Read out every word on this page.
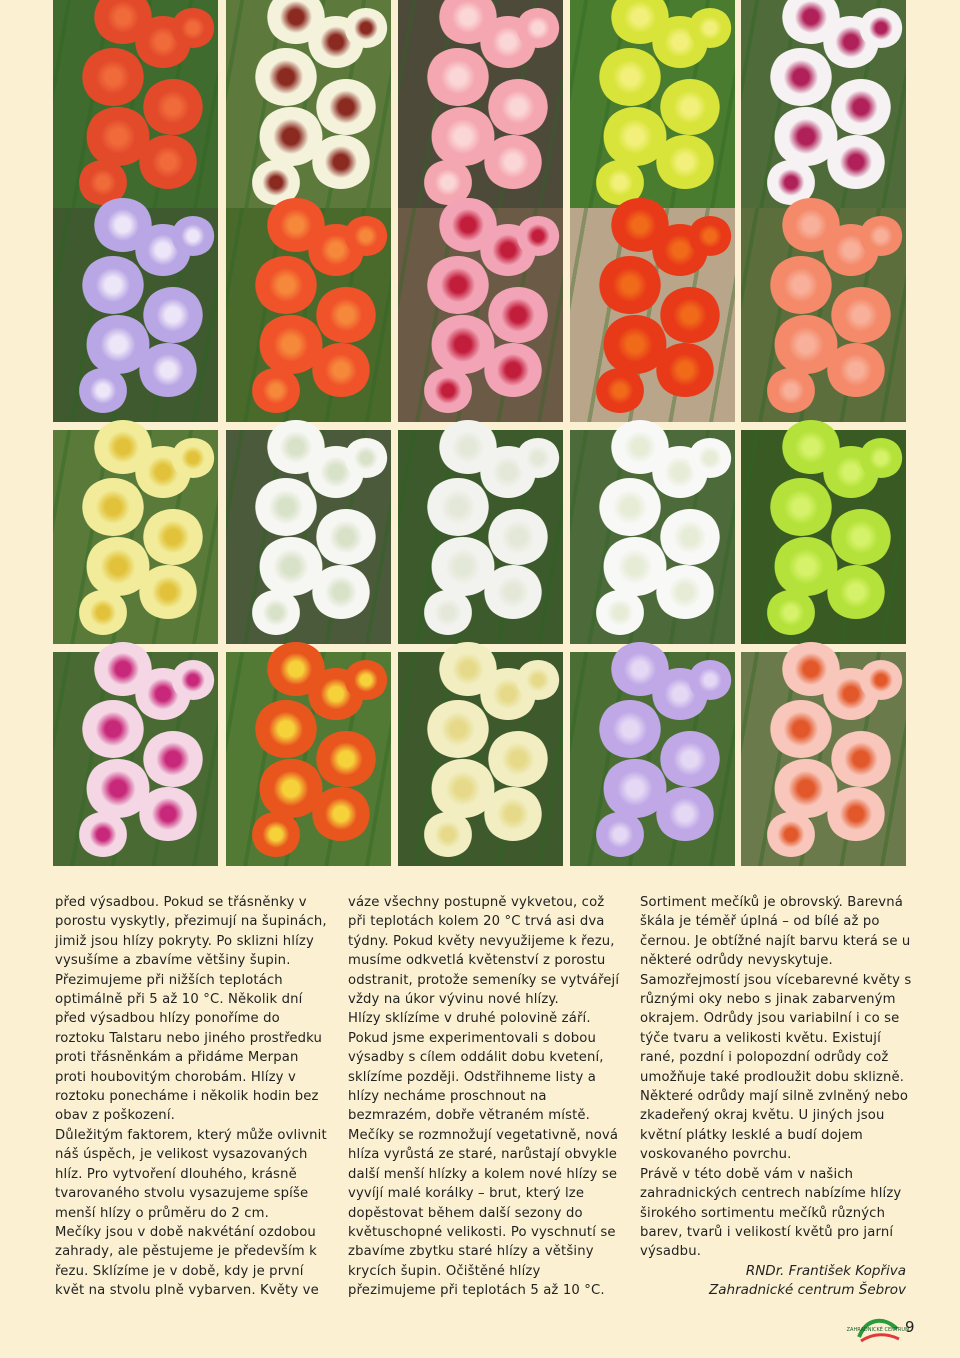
před výsadbou. Pokud se třásněnky v porostu vyskytly, přezimují na šupinách, jimiž jsou hlízy pokryty. Po sklizni hlízy vysušíme a zbavíme většiny šupin. Přezimujeme při nižších teplotách optimálně při 5 až 10 °C. Několik dní před výsadbou hlízy ponoříme do roztoku Talstaru nebo jiného prostředku proti třásněnkám a přidáme Merpan proti houbovitým chorobám. Hlízy v roztoku ponecháme i několik hodin bez obav z poškození.

Důležitým faktorem, který může ovlivnit náš úspěch, je velikost vysazovaných hlíz. Pro vytvoření dlouhého, krásně tvarovaného stvolu vysazujeme spíše menší hlízy o průměru do 2 cm.

Mečíky jsou v době nakvétání ozdobou zahrady, ale pěstujeme je především k řezu. Sklízíme je v době, kdy je první květ na stvolu plně vybarven. Květy ve

váze všechny postupně vykvetou, což při teplotách kolem 20 °C trvá asi dva týdny. Pokud květy nevyužijeme k řezu, musíme odkvetlá květenství z porostu odstranit, protože semeníky se vytvářejí vždy na úkor vývinu nové hlízy.

Hlízy sklízíme v druhé polovině září. Pokud jsme experimentovali s dobou výsadby s cílem oddálit dobu kvetení, sklízíme později. Odstřihneme listy a hlízy necháme proschnout na bezmrazém, dobře větraném místě.

Mečíky se rozmnožují vegetativně, nová hlíza vyrůstá ze staré, narůstají obvykle další menší hlízky a kolem nové hlízy se vyvíjí malé korálky – brut, který lze dopěstovat během další sezony do květuschopné velikosti. Po vyschnutí se zbavíme zbytku staré hlízy a většiny krycích šupin. Očištěné hlízy přezimujeme při teplotách 5 až 10 °C.

Sortiment mečíků je obrovský. Barevná škála je téměř úplná – od bílé až po černou. Je obtížné najít barvu která se u některé odrůdy nevyskytuje. Samozřejmostí jsou vícebarevné květy s různými oky nebo s jinak zabarveným okrajem. Odrůdy jsou variabilní i co se týče tvaru a velikosti květu. Existují rané, pozdní i polopozdní odrůdy což umožňuje také prodloužit dobu sklizně. Některé odrůdy mají silně zvlněný nebo zkadeřený okraj květu. U jiných jsou květní plátky lesklé a budí dojem voskovaného povrchu.

Právě v této době vám v našich zahradnických centrech nabízíme hlízy širokého sortimentu mečíků různých barev, tvarů i velikostí květů pro jarní výsadbu.

RNDr. František Kopřiva

Zahradnické centrum Šebrov

ZAHRADNICKÉ CENTRUM
9
